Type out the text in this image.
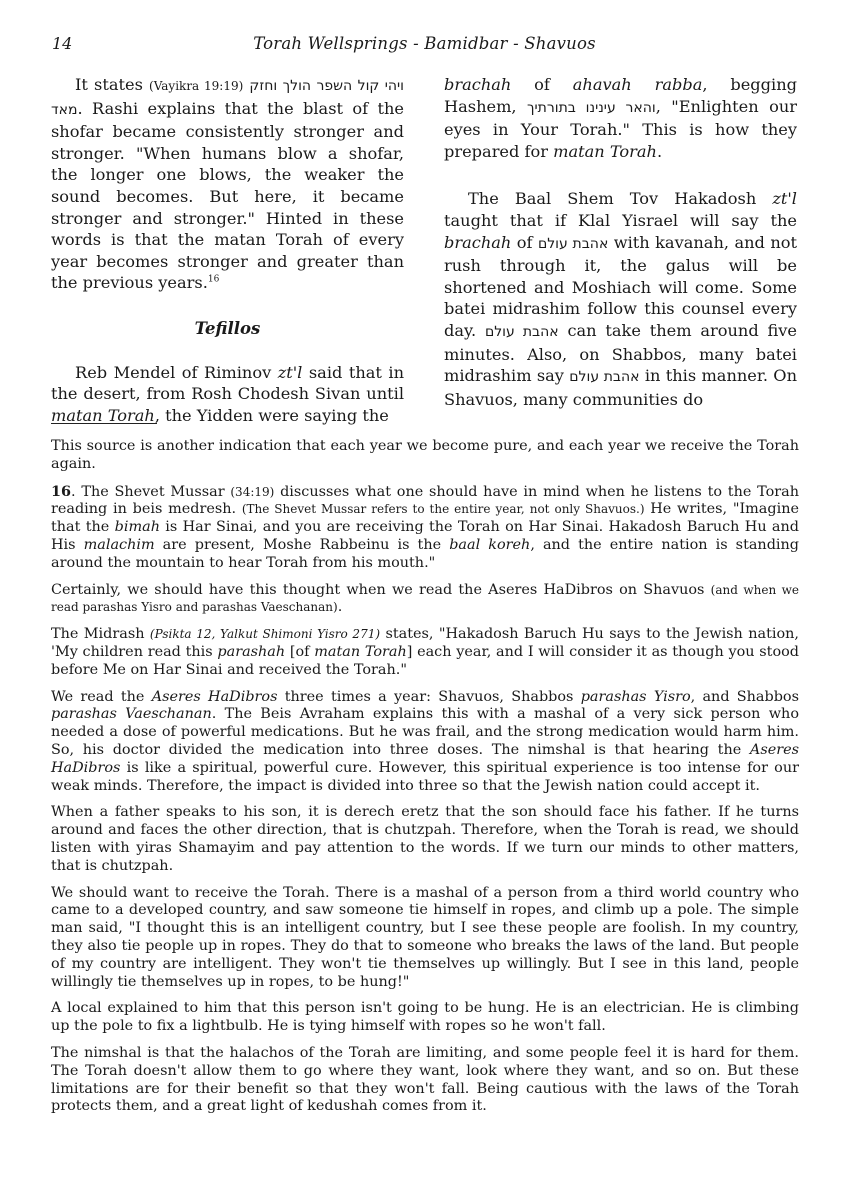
14	Torah Wellsprings - Bamidbar - Shavuos

It states (Vayikra 19:19) ויהי קול השפר הולך וחזק מאד. Rashi explains that the blast of the shofar became consistently stronger and stronger. "When humans blow a shofar, the longer one blows, the weaker the sound becomes. But here, it became stronger and stronger." Hinted in these words is that the matan Torah of every year becomes stronger and greater than the previous years.$^{16}$

Tefillos

Reb Mendel of Riminov zt'l said that in the desert, from Rosh Chodesh Sivan until matan Torah, the Yidden were saying the

brachah of ahavah rabba, begging Hashem, והאר עינינו בתורתיך, "Enlighten our eyes in Your Torah." This is how they prepared for matan Torah.

The Baal Shem Tov Hakadosh zt'l taught that if Klal Yisrael will say the brachah of אהבת עולם with kavanah, and not rush through it, the galus will be shortened and Moshiach will come. Some batei midrashim follow this counsel every day. אהבת עולם can take them around five minutes. Also, on Shabbos, many batei midrashim say אהבת עולם in this manner. On Shavuos, many communities do

This source is another indication that each year we become pure, and each year we receive the Torah again.

16. The Shevet Mussar (34:19) discusses what one should have in mind when he listens to the Torah reading in beis medresh. (The Shevet Mussar refers to the entire year, not only Shavuos.) He writes, "Imagine that the bimah is Har Sinai, and you are receiving the Torah on Har Sinai. Hakadosh Baruch Hu and His malachim are present, Moshe Rabbeinu is the baal koreh, and the entire nation is standing around the mountain to hear Torah from his mouth."

Certainly, we should have this thought when we read the Aseres HaDibros on Shavuos (and when we read parashas Yisro and parashas Vaeschanan).

The Midrash (Psikta 12, Yalkut Shimoni Yisro 271) states, "Hakadosh Baruch Hu says to the Jewish nation, 'My children read this parashah [of matan Torah] each year, and I will consider it as though you stood before Me on Har Sinai and received the Torah."

We read the Aseres HaDibros three times a year: Shavuos, Shabbos parashas Yisro, and Shabbos parashas Vaeschanan. The Beis Avraham explains this with a mashal of a very sick person who needed a dose of powerful medications. But he was frail, and the strong medication would harm him. So, his doctor divided the medication into three doses. The nimshal is that hearing the Aseres HaDibros is like a spiritual, powerful cure. However, this spiritual experience is too intense for our weak minds. Therefore, the impact is divided into three so that the Jewish nation could accept it.

When a father speaks to his son, it is derech eretz that the son should face his father. If he turns around and faces the other direction, that is chutzpah. Therefore, when the Torah is read, we should listen with yiras Shamayim and pay attention to the words. If we turn our minds to other matters, that is chutzpah.

We should want to receive the Torah. There is a mashal of a person from a third world country who came to a developed country, and saw someone tie himself in ropes, and climb up a pole. The simple man said, "I thought this is an intelligent country, but I see these people are foolish. In my country, they also tie people up in ropes. They do that to someone who breaks the laws of the land. But people of my country are intelligent. They won't tie themselves up willingly. But I see in this land, people willingly tie themselves up in ropes, to be hung!"

A local explained to him that this person isn't going to be hung. He is an electrician. He is climbing up the pole to fix a lightbulb. He is tying himself with ropes so he won't fall.

The nimshal is that the halachos of the Torah are limiting, and some people feel it is hard for them. The Torah doesn't allow them to go where they want, look where they want, and so on. But these limitations are for their benefit so that they won't fall. Being cautious with the laws of the Torah protects them, and a great light of kedushah comes from it.
